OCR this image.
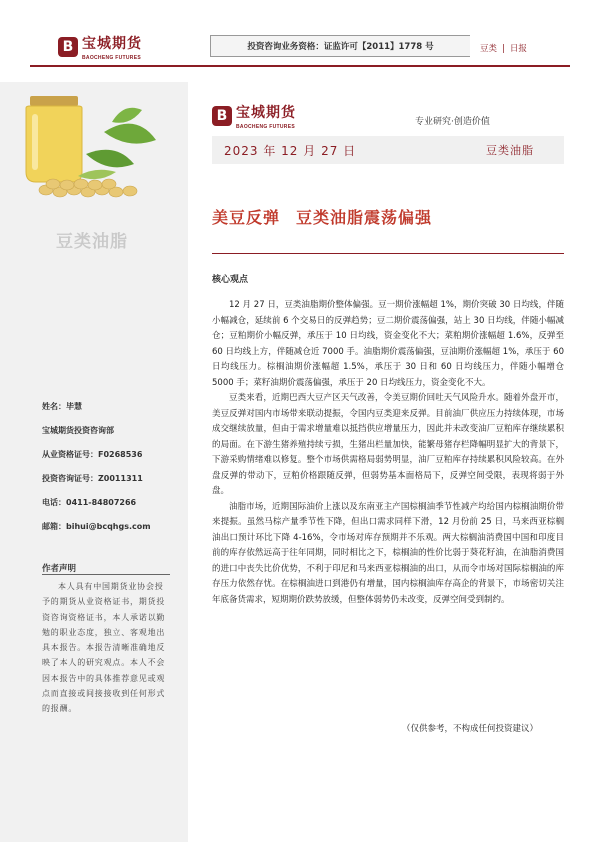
B 宝城期货
BAOCHENG FUTURES
投资咨询业务资格：证监许可【2011】1778 号	豆类 | 日报
豆类油脂
姓名：毕慧
宝城期货投资咨询部
从业资格证号：F0268536
投资咨询证号：Z0011311
电话：0411-84807266
邮箱：bihui@bcqhgs.com
作者声明
本人具有中国期货业协会授予的期货从业资格证书，期货投资咨询资格证书，本人承诺以勤勉的职业态度，独立、客观地出具本报告。本报告清晰准确地反映了本人的研究观点。本人不会因本报告中的具体推荐意见或观点而直接或间接接收到任何形式的报酬。
B 宝城期货
BAOCHENG FUTURES	专业研究·创造价值
2023 年 12 月 27 日	豆类油脂
美豆反弹 豆类油脂震荡偏强
核心观点

12 月 27 日，豆类油脂期价整体偏强。豆一期价涨幅超 1%，期价突破 30 日均线，伴随小幅减仓，延续前 6 个交易日的反弹趋势；豆二期价震荡偏强，站上 30 日均线，伴随小幅减仓；豆粕期价小幅反弹，承压于 10 日均线，资金变化不大；菜粕期价涨幅超 1.6%，反弹至 60 日均线上方，伴随减仓近 7000 手。油脂期价震荡偏强，豆油期价涨幅超 1%，承压于 60 日均线压力。棕榈油期价涨幅超 1.5%，承压于 30 日和 60 日均线压力，伴随小幅增仓 5000 手；菜籽油期价震荡偏强，承压于 20 日均线压力，资金变化不大。

豆类来看，近期巴西大豆产区天气改善，令美豆期价回吐天气风险升水。随着外盘开市，美豆反弹对国内市场带来联动提振，令国内豆类迎来反弹。目前油厂供应压力持续体现，市场成交继续放量，但由于需求增量难以抵挡供应增量压力，因此并未改变油厂豆粕库存继续累积的局面。在下游生猪养殖持续亏损，生猪出栏量加快，能繁母猪存栏降幅明显扩大的背景下，下游采购情绪难以修复。整个市场供需格局弱势明显，油厂豆粕库存持续累积风险较高。在外盘反弹的带动下，豆粕价格跟随反弹，但弱势基本面格局下，反弹空间受限，表现将弱于外盘。

油脂市场，近期国际油价上涨以及东南亚主产国棕榈油季节性减产均给国内棕榈油期价带来提振。虽然马棕产量季节性下降，但出口需求同样下滑，12 月份前 25 日，马来西亚棕榈油出口预计环比下降 4-16%，令市场对库存预期并不乐观。两大棕榈油消费国中国和印度目前的库存依然远高于往年同期，同时相比之下，棕榈油的性价比弱于葵花籽油，在油脂消费国的进口中丧失比价优势，不利于印尼和马来西亚棕榈油的出口，从而令市场对国际棕榈油的库存压力依然存忧。在棕榈油进口到港仍有增量，国内棕榈油库存高企的背景下，市场密切关注年底备货需求，短期期价跌势放缓，但整体弱势仍未改变，反弹空间受到制约。

（仅供参考，不构成任何投资建议）
